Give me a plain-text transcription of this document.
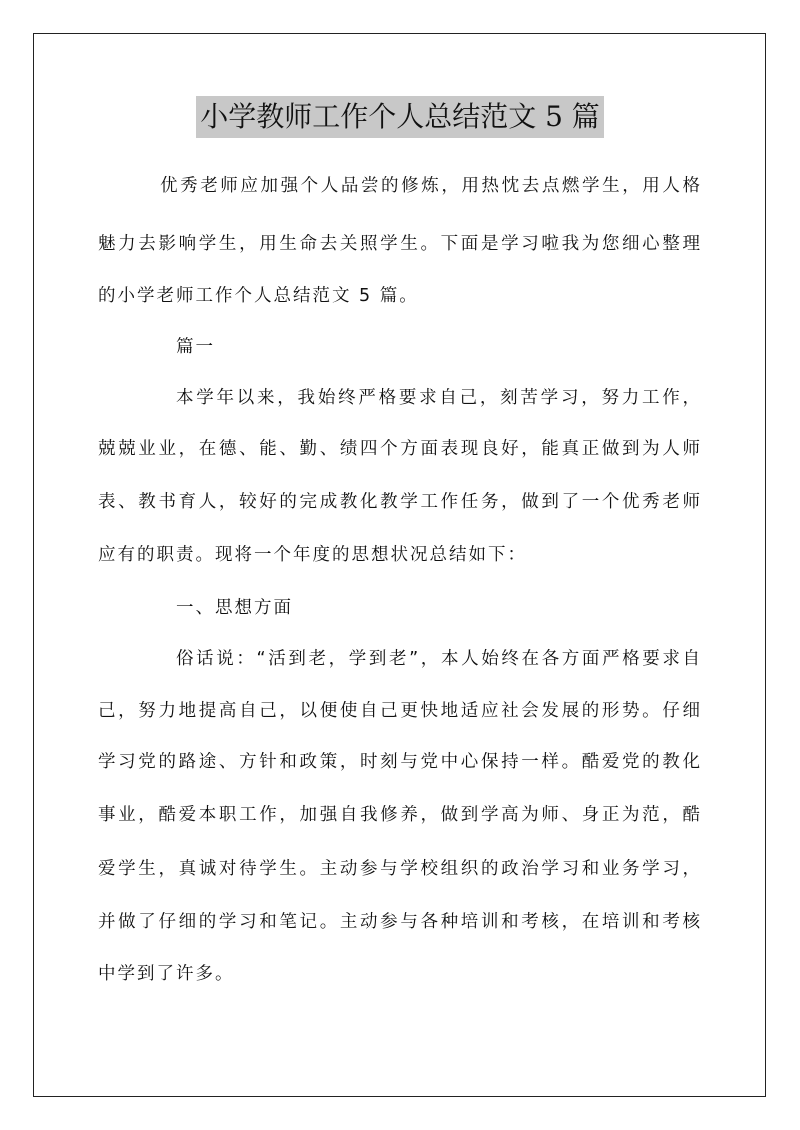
小学教师工作个人总结范文 5 篇
优秀老师应加强个人品尝的修炼，用热忱去点燃学生，用人格
魅力去影响学生，用生命去关照学生。下面是学习啦我为您细心整理
的小学老师工作个人总结范文 5 篇。
篇一
本学年以来，我始终严格要求自己，刻苦学习，努力工作，
兢兢业业，在德、能、勤、绩四个方面表现良好，能真正做到为人师
表、教书育人，较好的完成教化教学工作任务，做到了一个优秀老师
应有的职责。现将一个年度的思想状况总结如下：
一、思想方面
俗话说：“活到老，学到老”，本人始终在各方面严格要求自
己，努力地提高自己，以便使自己更快地适应社会发展的形势。仔细
学习党的路途、方针和政策，时刻与党中心保持一样。酷爱党的教化
事业，酷爱本职工作，加强自我修养，做到学高为师、身正为范，酷
爱学生，真诚对待学生。主动参与学校组织的政治学习和业务学习，
并做了仔细的学习和笔记。主动参与各种培训和考核，在培训和考核
中学到了许多。
